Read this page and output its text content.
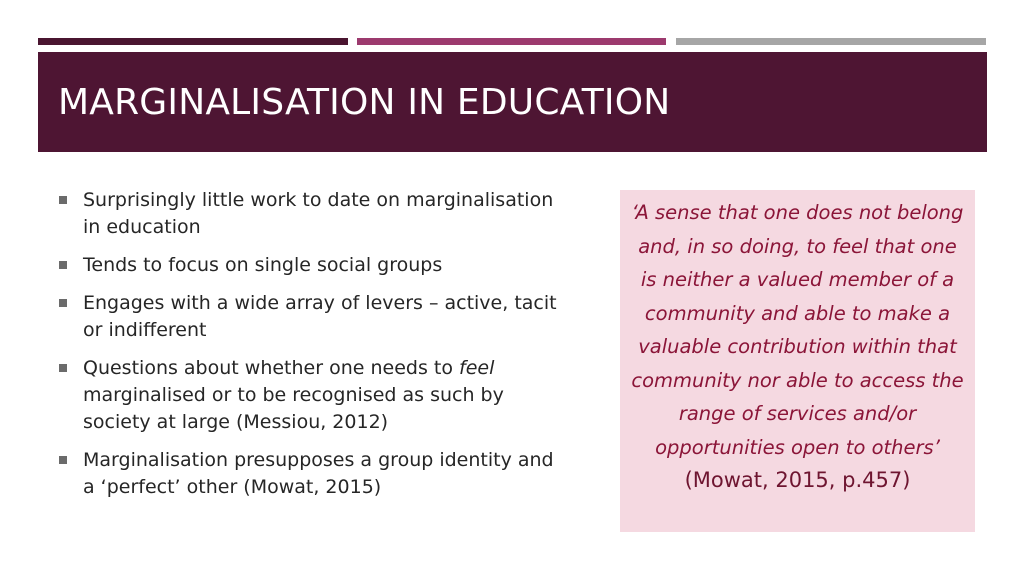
MARGINALISATION IN EDUCATION
Surprisingly little work to date on marginalisation in education
Tends to focus on single social groups
Engages with a wide array of levers – active, tacit or indifferent
Questions about whether one needs to feel marginalised or to be recognised as such by society at large (Messiou, 2012)
Marginalisation presupposes a group identity and a ‘perfect’ other (Mowat, 2015)

‘A sense that one does not belong and, in so doing, to feel that one is neither a valued member of a community and able to make a valuable contribution within that community nor able to access the range of services and/or opportunities open to others’
(Mowat, 2015, p.457)
